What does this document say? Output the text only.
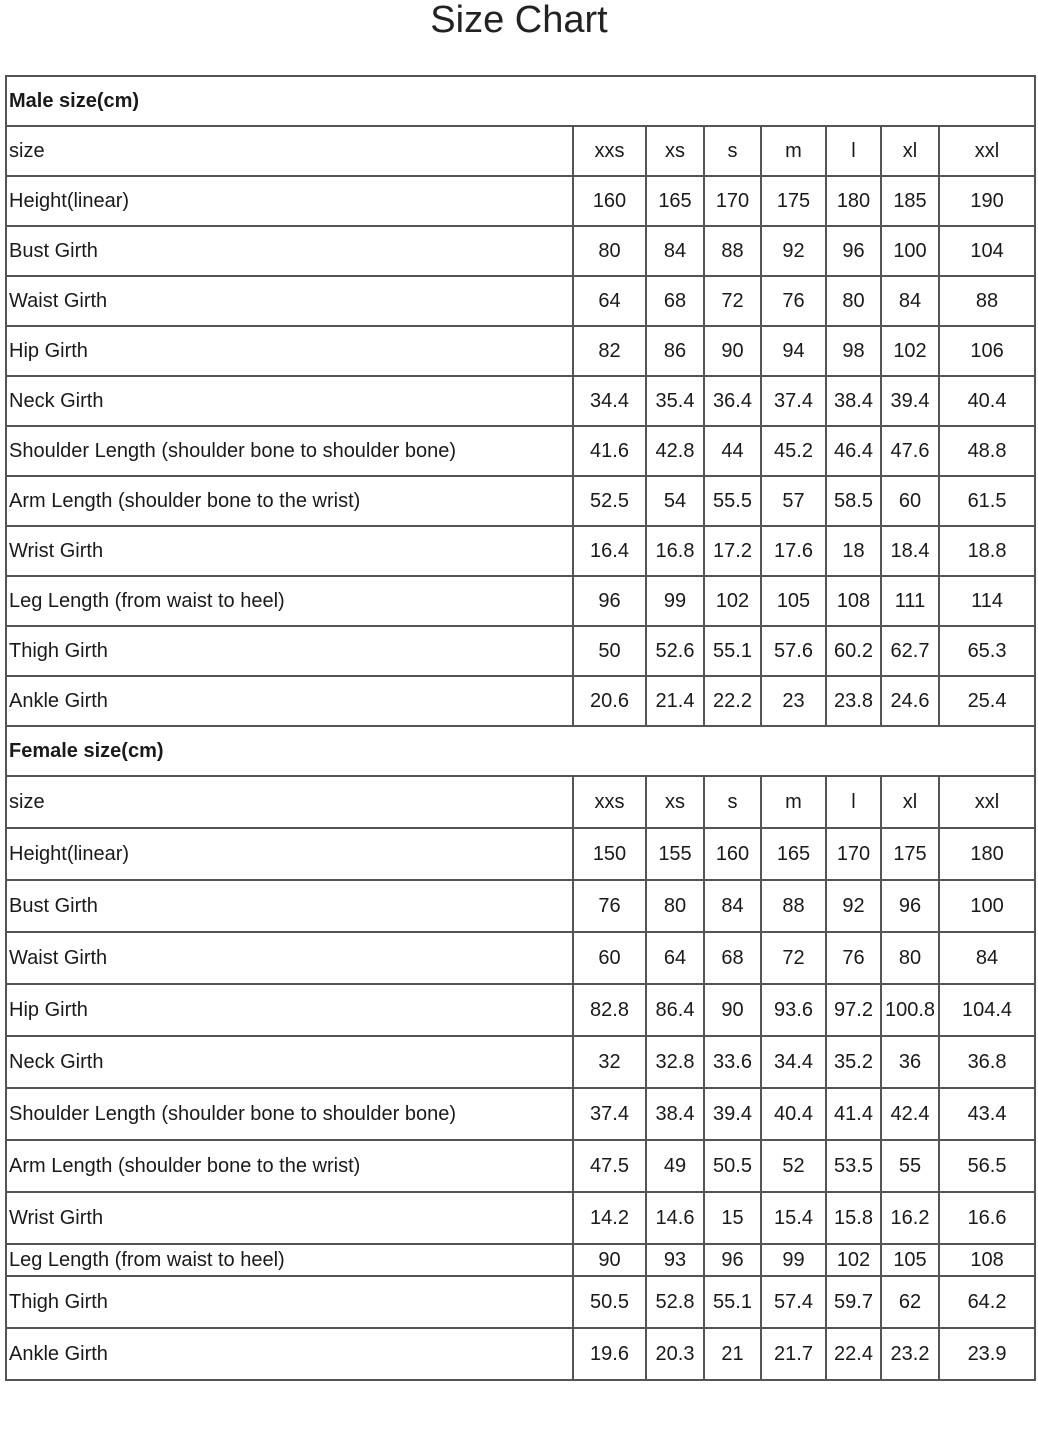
Size Chart
Male size(cm)							
size	xxs	xs	s	m	l	xl	xxl
Height(linear)	160	165	170	175	180	185	190
Bust Girth	80	84	88	92	96	100	104
Waist Girth	64	68	72	76	80	84	88
Hip Girth	82	86	90	94	98	102	106
Neck Girth	34.4	35.4	36.4	37.4	38.4	39.4	40.4
Shoulder Length (shoulder bone to shoulder bone)	41.6	42.8	44	45.2	46.4	47.6	48.8
Arm Length (shoulder bone to the wrist)	52.5	54	55.5	57	58.5	60	61.5
Wrist Girth	16.4	16.8	17.2	17.6	18	18.4	18.8
Leg Length (from waist to heel)	96	99	102	105	108	111	114
Thigh Girth	50	52.6	55.1	57.6	60.2	62.7	65.3
Ankle Girth	20.6	21.4	22.2	23	23.8	24.6	25.4
Female size(cm)							
size	xxs	xs	s	m	l	xl	xxl
Height(linear)	150	155	160	165	170	175	180
Bust Girth	76	80	84	88	92	96	100
Waist Girth	60	64	68	72	76	80	84
Hip Girth	82.8	86.4	90	93.6	97.2	100.8	104.4
Neck Girth	32	32.8	33.6	34.4	35.2	36	36.8
Shoulder Length (shoulder bone to shoulder bone)	37.4	38.4	39.4	40.4	41.4	42.4	43.4
Arm Length (shoulder bone to the wrist)	47.5	49	50.5	52	53.5	55	56.5
Wrist Girth	14.2	14.6	15	15.4	15.8	16.2	16.6
Leg Length (from waist to heel)	90	93	96	99	102	105	108
Thigh Girth	50.5	52.8	55.1	57.4	59.7	62	64.2
Ankle Girth	19.6	20.3	21	21.7	22.4	23.2	23.9
